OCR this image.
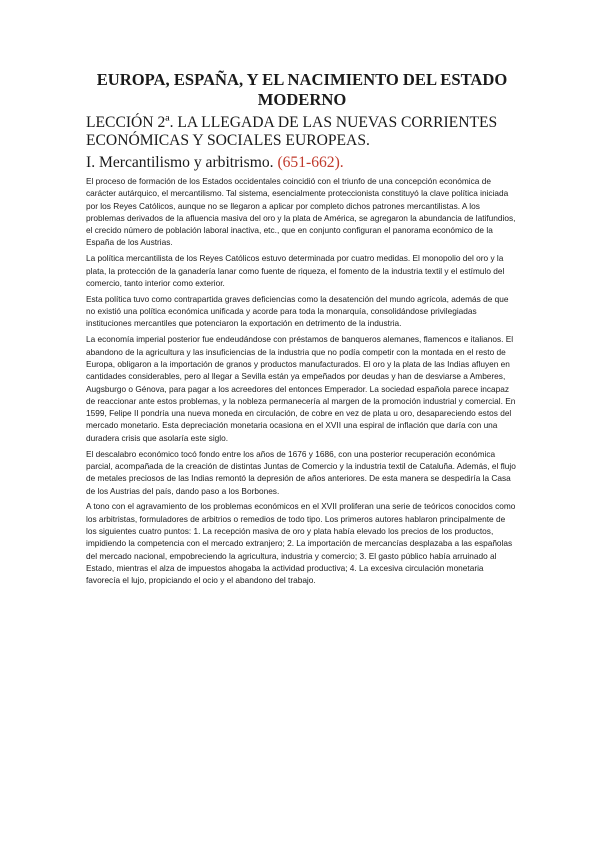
EUROPA, ESPAÑA, Y EL NACIMIENTO DEL ESTADO MODERNO
LECCIÓN 2ª. LA LLEGADA DE LAS NUEVAS CORRIENTES ECONÓMICAS Y SOCIALES EUROPEAS.
I. Mercantilismo y arbitrismo. (651-662).

El proceso de formación de los Estados occidentales coincidió con el triunfo de una concepción económica de carácter autárquico, el mercantilismo. Tal sistema, esencialmente proteccionista constituyó la clave política iniciada por los Reyes Católicos, aunque no se llegaron a aplicar por completo dichos patrones mercantilistas. A los problemas derivados de la afluencia masiva del oro y la plata de América, se agregaron la abundancia de latifundios, el crecido número de población laboral inactiva, etc., que en conjunto configuran el panorama económico de la España de los Austrias.

La política mercantilista de los Reyes Católicos estuvo determinada por cuatro medidas. El monopolio del oro y la plata, la protección de la ganadería lanar como fuente de riqueza, el fomento de la industria textil y el estímulo del comercio, tanto interior como exterior.

Esta política tuvo como contrapartida graves deficiencias como la desatención del mundo agrícola, además de que no existió una política económica unificada y acorde para toda la monarquía, consolidándose privilegiadas instituciones mercantiles que potenciaron la exportación en detrimento de la industria.

La economía imperial posterior fue endeudándose con préstamos de banqueros alemanes, flamencos e italianos. El abandono de la agricultura y las insuficiencias de la industria que no podía competir con la montada en el resto de Europa, obligaron a la importación de granos y productos manufacturados. El oro y la plata de las Indias afluyen en cantidades considerables, pero al llegar a Sevilla están ya empeñados por deudas y han de desviarse a Amberes, Augsburgo o Génova, para pagar a los acreedores del entonces Emperador. La sociedad española parece incapaz de reaccionar ante estos problemas, y la nobleza permanecería al margen de la promoción industrial y comercial. En 1599, Felipe II pondría una nueva moneda en circulación, de cobre en vez de plata u oro, desapareciendo estos del mercado monetario. Esta depreciación monetaria ocasiona en el XVII una espiral de inflación que daría con una duradera crisis que asolaría este siglo.

El descalabro económico tocó fondo entre los años de 1676 y 1686, con una posterior recuperación económica parcial, acompañada de la creación de distintas Juntas de Comercio y la industria textil de Cataluña. Además, el flujo de metales preciosos de las Indias remontó la depresión de años anteriores. De esta manera se despediría la Casa de los Austrias del país, dando paso a los Borbones.

A tono con el agravamiento de los problemas económicos en el XVII proliferan una serie de teóricos conocidos como los arbitristas, formuladores de arbitrios o remedios de todo tipo. Los primeros autores hablaron principalmente de los siguientes cuatro puntos: 1. La recepción masiva de oro y plata había elevado los precios de los productos, impidiendo la competencia con el mercado extranjero; 2. La importación de mercancías desplazaba a las españolas del mercado nacional, empobreciendo la agricultura, industria y comercio; 3. El gasto público había arruinado al Estado, mientras el alza de impuestos ahogaba la actividad productiva; 4. La excesiva circulación monetaria favorecía el lujo, propiciando el ocio y el abandono del trabajo.
